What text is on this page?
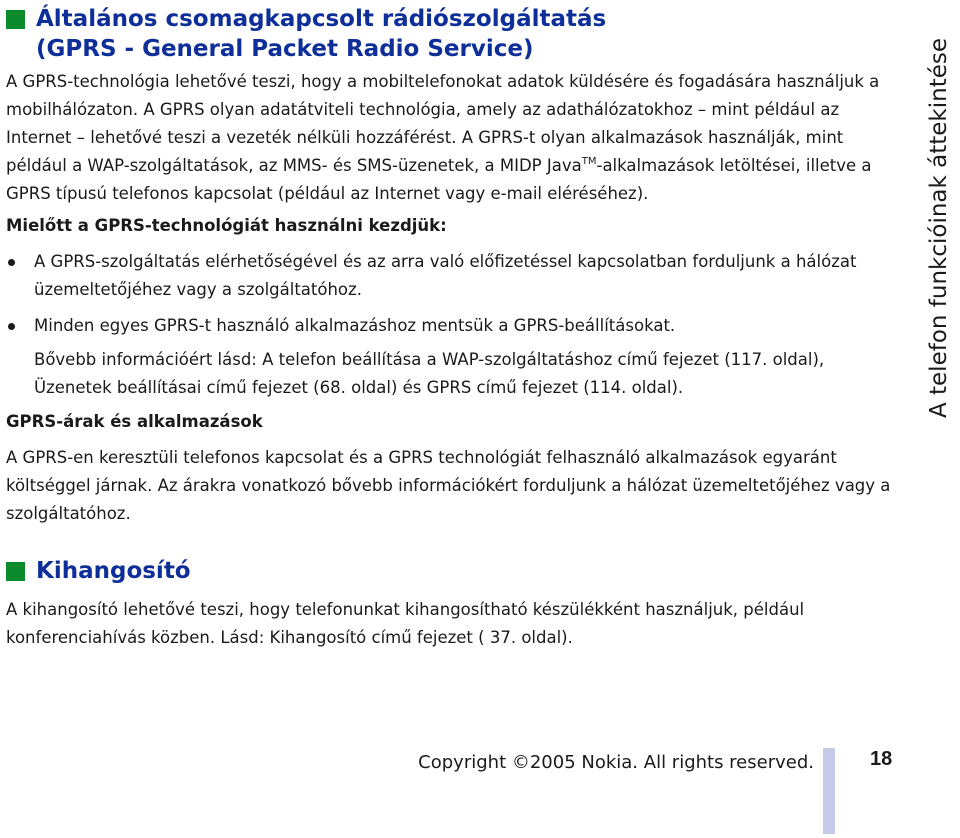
Általános csomagkapcsolt rádiószolgáltatás
(GPRS - General Packet Radio Service)

A GPRS-technológia lehetővé teszi, hogy a mobiltelefonokat adatok küldésére és fogadására használjuk a mobilhálózaton. A GPRS olyan adatátviteli technológia, amely az adathálózatokhoz – mint például az Internet – lehetővé teszi a vezeték nélküli hozzáférést. A GPRS-t olyan alkalmazások használják, mint például a WAP-szolgáltatások, az MMS- és SMS-üzenetek, a MIDP Java™-alkalmazások letöltései, illetve a GPRS típusú telefonos kapcsolat (például az Internet vagy e-mail eléréséhez).

Mielőtt a GPRS-technológiát használni kezdjük:

A GPRS-szolgáltatás elérhetőségével és az arra való előfizetéssel kapcsolatban forduljunk a hálózat üzemeltetőjéhez vagy a szolgáltatóhoz.
Minden egyes GPRS-t használó alkalmazáshoz mentsük a GPRS-beállításokat.

Bővebb információért lásd: A telefon beállítása a WAP-szolgáltatáshoz című fejezet (117. oldal), Üzenetek beállításai című fejezet (68. oldal) és GPRS című fejezet (114. oldal).

GPRS-árak és alkalmazások

A GPRS-en keresztüli telefonos kapcsolat és a GPRS technológiát felhasználó alkalmazások egyaránt költséggel járnak. Az árakra vonatkozó bővebb információkért forduljunk a hálózat üzemeltetőjéhez vagy a szolgáltatóhoz.

Kihangosító

A kihangosító lehetővé teszi, hogy telefonunkat kihangosítható készülékként használjuk, például konferenciahívás közben. Lásd: Kihangosító című fejezet ( 37. oldal).

A telefon funkcióinak áttekintése
Copyright ©2005 Nokia. All rights reserved.	18
